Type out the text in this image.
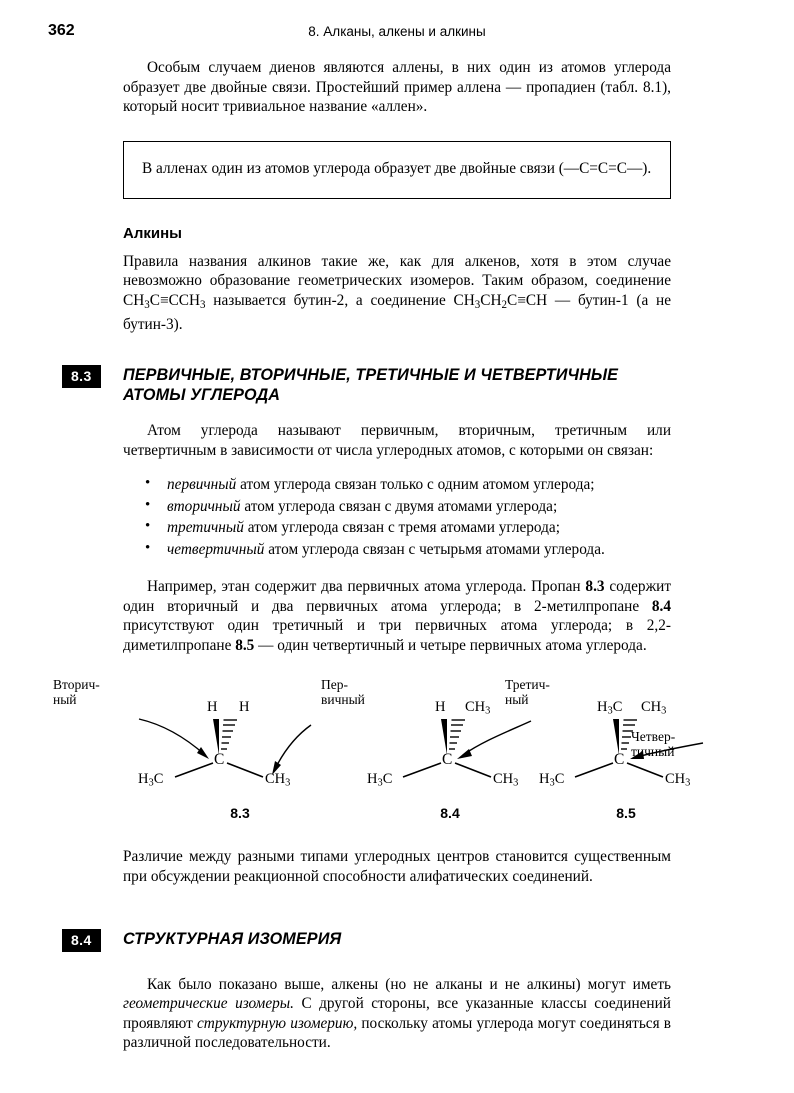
362	8. Алканы, алкены и алкины

Особым случаем диенов являются аллены, в них один из атомов углерода образует две двойные связи. Простейший пример аллена — пропадиен (табл. 8.1), который носит тривиальное название «аллен».

В алленах один из атомов углерода образует две двойные связи (—C=C=C—).
Алкины

Правила названия алкинов такие же, как для алкенов, хотя в этом случае невозможно образование геометрических изомеров. Таким образом, соединение $CH_3C\equiv CCH_3$ называется бутин-2, а соединение $CH_3CH_2C\equiv CH$ — бутин-1 (а не бутин-3).

8.3	ПЕРВИЧНЫЕ, ВТОРИЧНЫЕ, ТРЕТИЧНЫЕ И ЧЕТВЕРТИЧНЫЕ АТОМЫ УГЛЕРОДА

Атом углерода называют первичным, вторичным, третичным или четвертичным в зависимости от числа углеродных атомов, с которыми он связан:

• первичный атом углерода связан только с одним атомом углерода;
• вторичный атом углерода связан с двумя атомами углерода;
• третичный атом углерода связан с тремя атомами углерода;
• четвертичный атом углерода связан с четырьмя атомами углерода.

Например, этан содержит два первичных атома углерода. Пропан 8.3 содержит один вторичный и два первичных атома углерода; в 2-метилпропане 8.4 присутствуют один третичный и три первичных атома углерода; в 2,2-диметилпропане 8.5 — один четвертичный и четыре первичных атома углерода.

Вторич-
ный	H H
C
$H_3C$	$CH_3$
8.3
Пер-
вичный	H $CH_3$
C
$H_3C$	$CH_3$
8.4
Третич-
ный	$H_3C$ $CH_3$
C
$H_3C$	$CH_3$
8.5
Четвер-
тичный

Различие между разными типами углеродных центров становится существенным при обсуждении реакционной способности алифатических соединений.

8.4	СТРУКТУРНАЯ ИЗОМЕРИЯ

Как было показано выше, алкены (но не алканы и не алкины) могут иметь геометрические изомеры. С другой стороны, все указанные классы соединений проявляют структурную изомерию, поскольку атомы углерода могут соединяться в различной последовательности.
